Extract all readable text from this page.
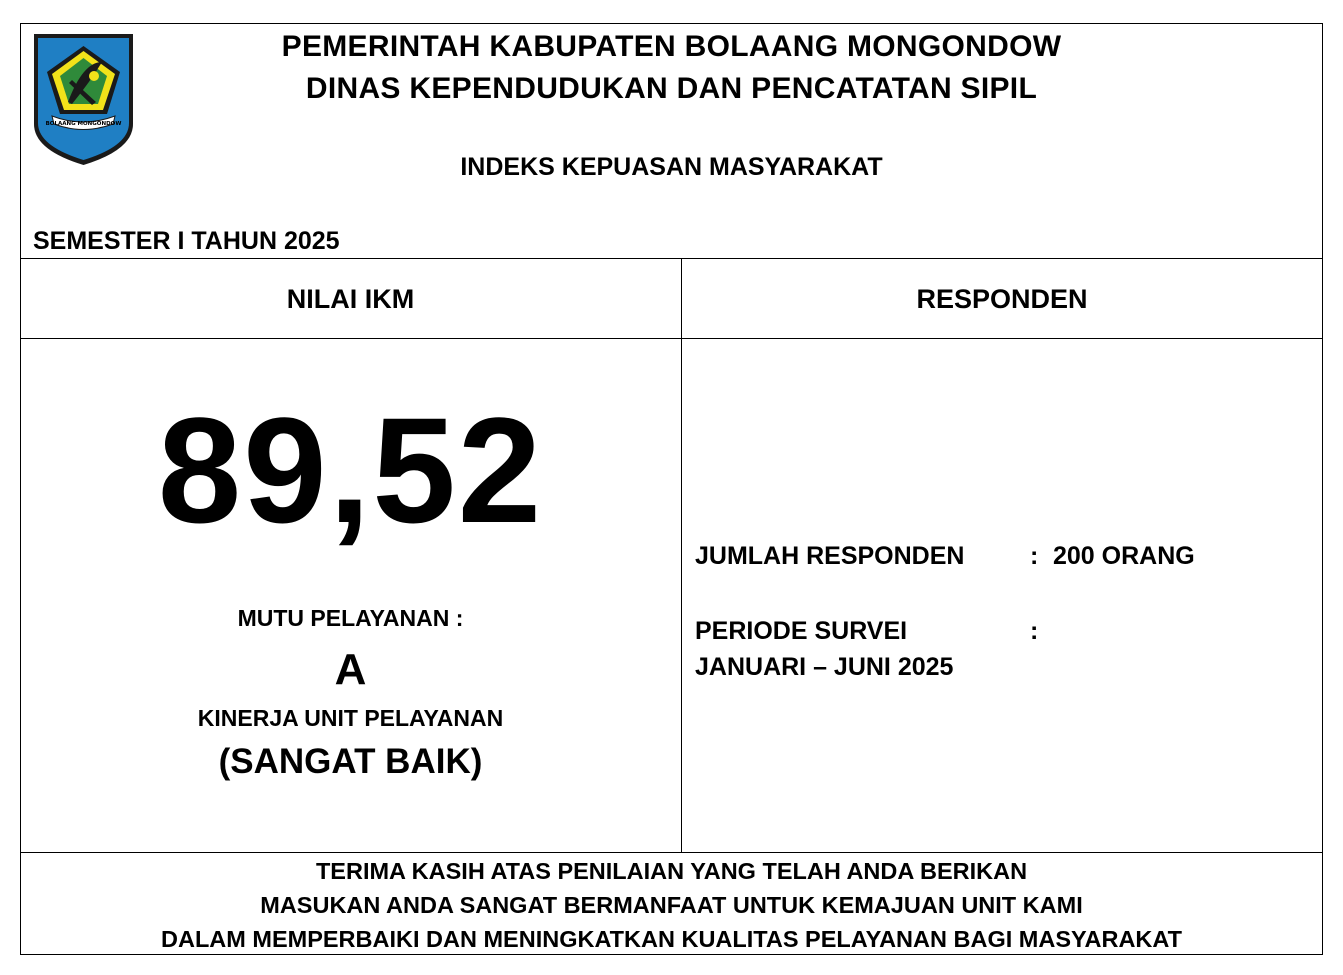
BOLAANG MONGONDOW
PEMERINTAH KABUPATEN BOLAANG MONGONDOW
DINAS KEPENDUDUKAN DAN PENCATATAN SIPIL
INDEKS KEPUASAN MASYARAKAT
SEMESTER I TAHUN 2025
NILAI IKM	RESPONDEN
89,52
MUTU PELAYANAN :
A
KINERJA UNIT PELAYANAN
(SANGAT BAIK)
JUMLAH RESPONDEN	: 200 ORANG
PERIODE SURVEI	:
JANUARI – JUNI 2025
TERIMA KASIH ATAS PENILAIAN YANG TELAH ANDA BERIKAN
MASUKAN ANDA SANGAT BERMANFAAT UNTUK KEMAJUAN UNIT KAMI
DALAM MEMPERBAIKI DAN MENINGKATKAN KUALITAS PELAYANAN BAGI MASYARAKAT
